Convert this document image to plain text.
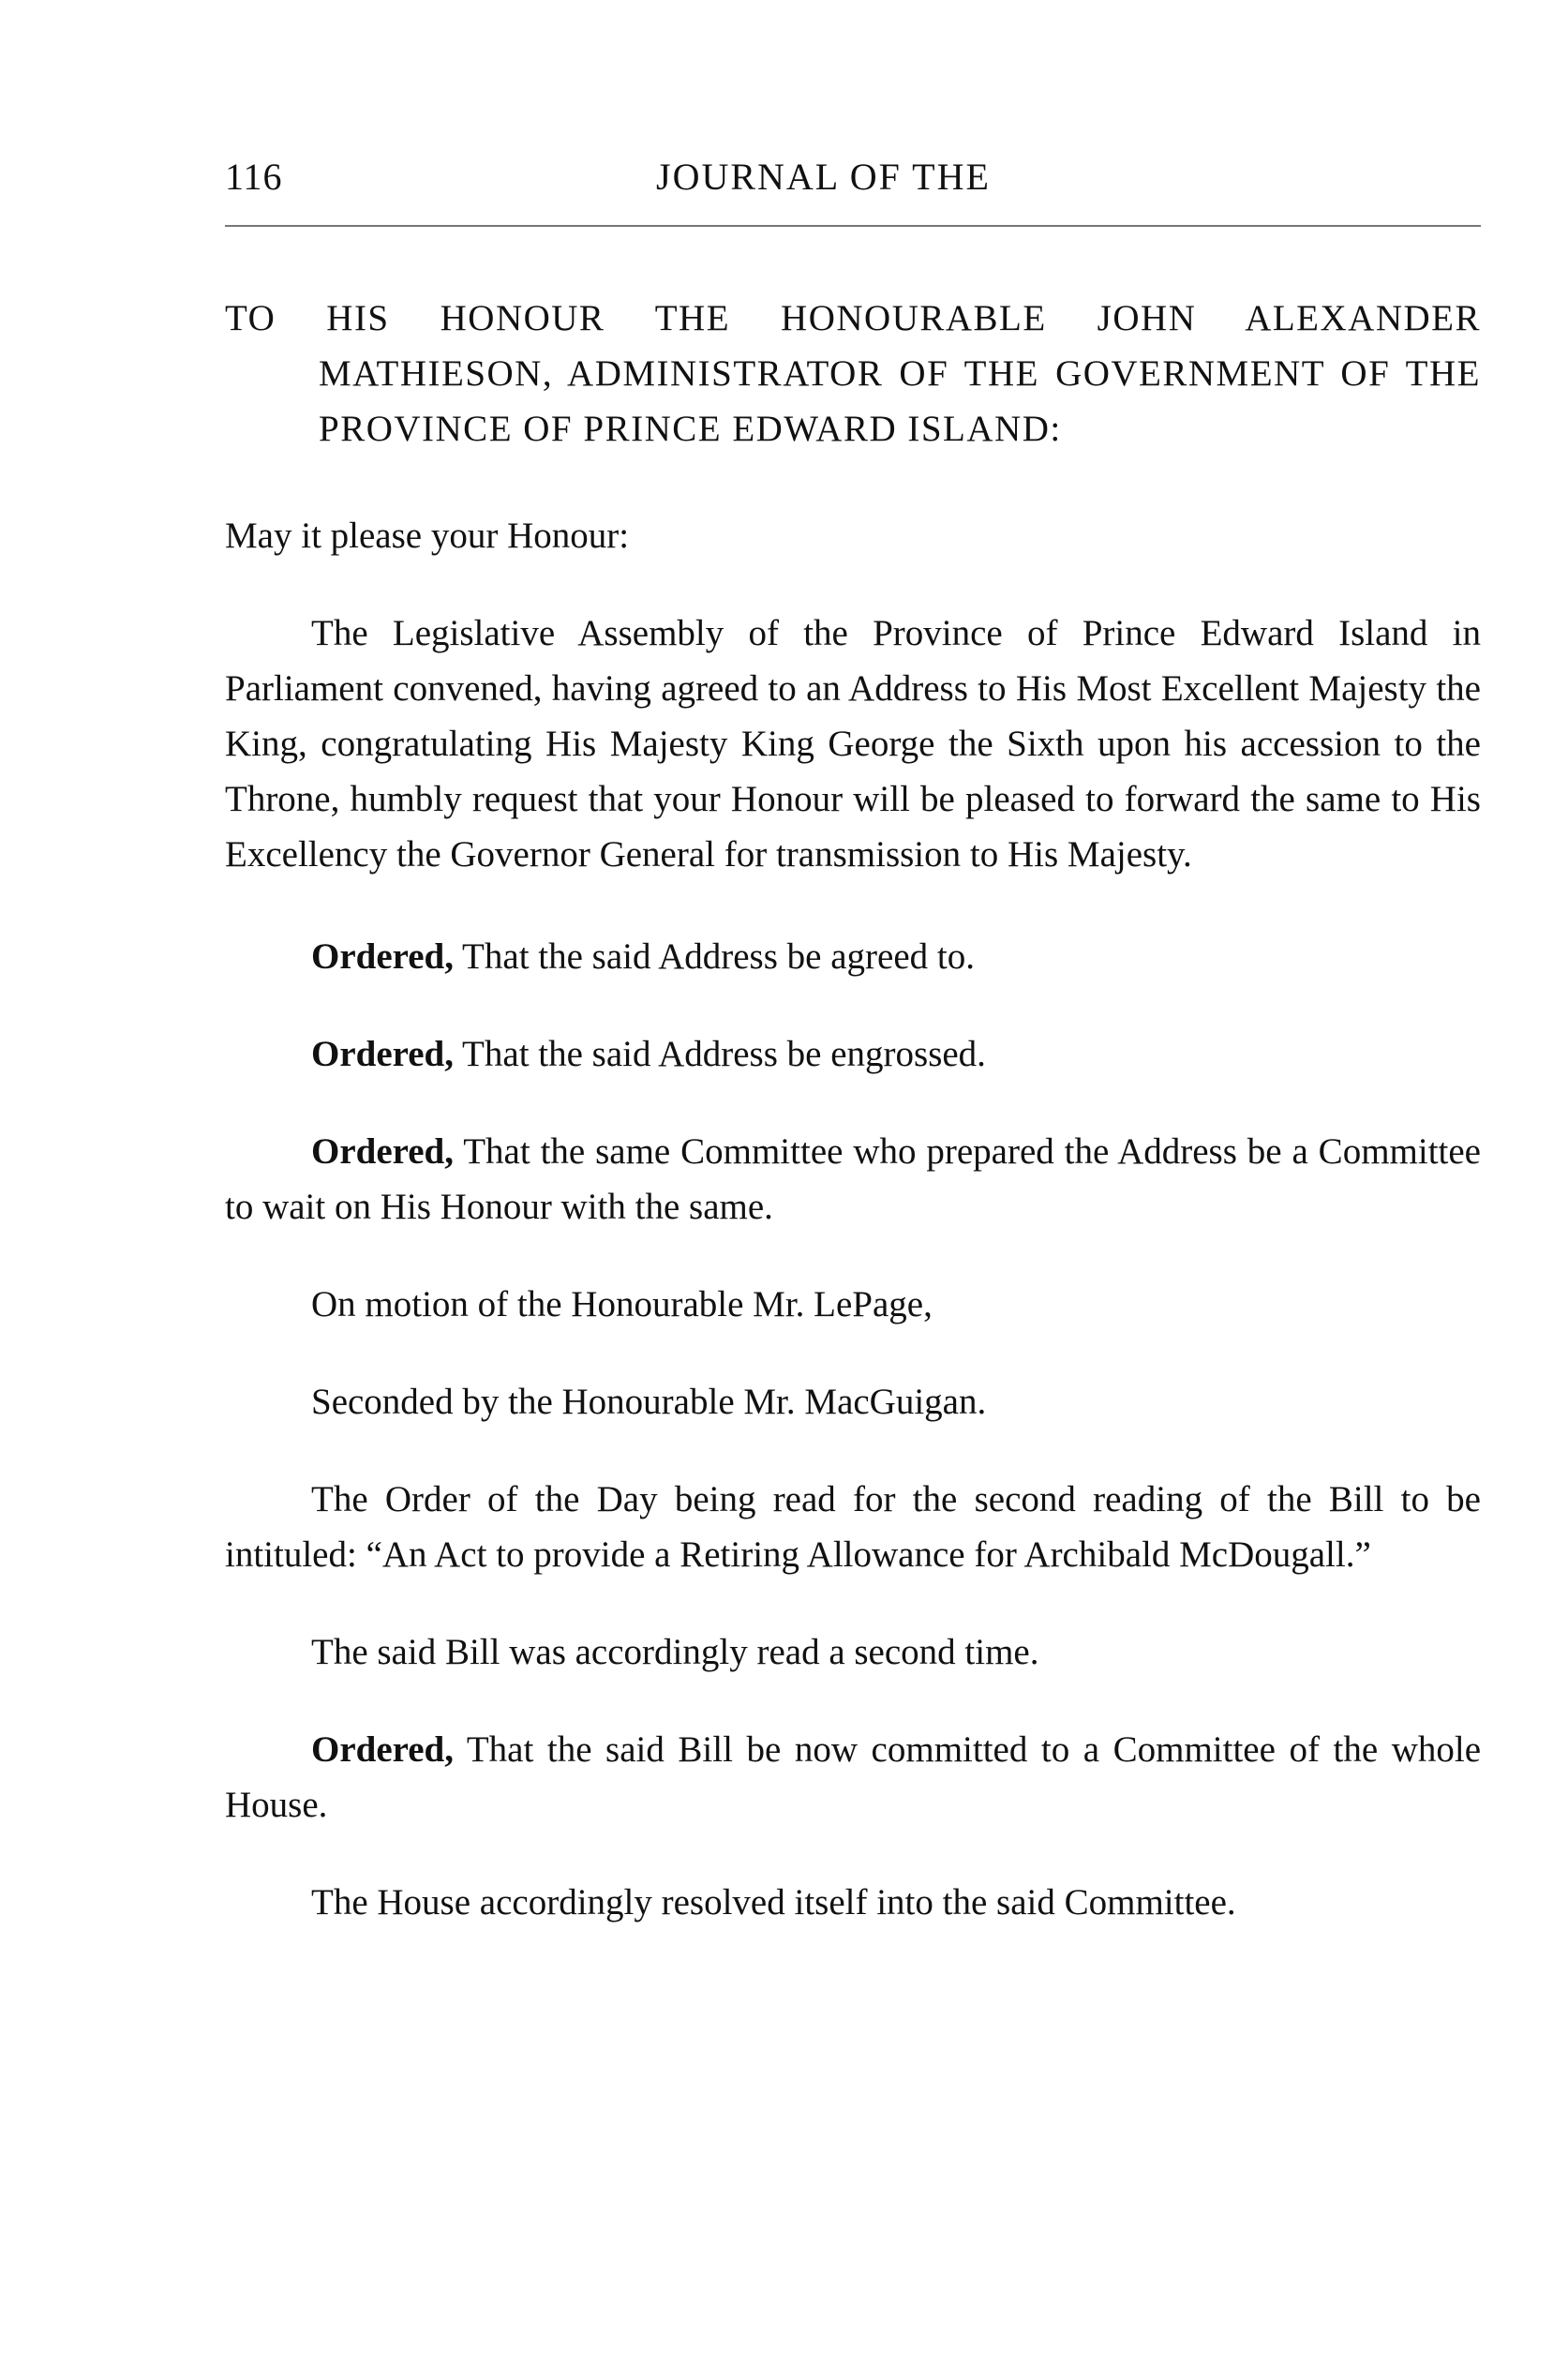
116	JOURNAL OF THE

TO HIS HONOUR THE HONOURABLE JOHN ALEXANDER MATHIESON, ADMINISTRATOR OF THE GOVERNMENT OF THE PROVINCE OF PRINCE EDWARD ISLAND:

May it please your Honour:

The Legislative Assembly of the Province of Prince Edward Island in Parliament convened, having agreed to an Address to His Most Excellent Majesty the King, congratulating His Majesty King George the Sixth upon his accession to the Throne, humbly request that your Honour will be pleased to forward the same to His Excellency the Governor General for transmission to His Majesty.

Ordered, That the said Address be agreed to.

Ordered, That the said Address be engrossed.

Ordered, That the same Committee who prepared the Address be a Committee to wait on His Honour with the same.

On motion of the Honourable Mr. LePage,

Seconded by the Honourable Mr. MacGuigan.

The Order of the Day being read for the second reading of the Bill to be intituled: “An Act to provide a Retiring Allowance for Archibald McDougall.”

The said Bill was accordingly read a second time.

Ordered, That the said Bill be now committed to a Committee of the whole House.

The House accordingly resolved itself into the said Committee.
